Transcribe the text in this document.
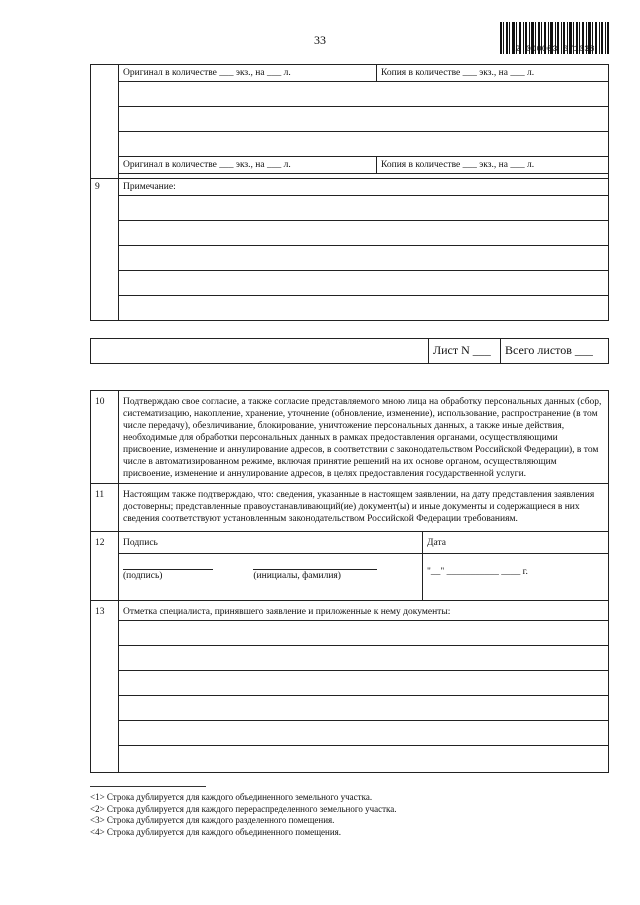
33
2 000003 671038
	Оригинал в количестве ___ экз., на ___ л.	Копия в количестве ___ экз., на ___ л.

	Оригинал в количестве ___ экз., на ___ л.	Копия в количестве ___ экз., на ___ л.

9	Примечание:	

	Лист N ___	Всего листов ___
10	Подтверждаю свое согласие, а также согласие представляемого мною лица на обработку персональных данных (сбор, систематизацию, накопление, хранение, уточнение (обновление, изменение), использование, распространение (в том числе передачу), обезличивание, блокирование, уничтожение персональных данных, а также иные действия, необходимые для обработки персональных данных в рамках предоставления органами, осуществляющими присвоение, изменение и аннулирование адресов, в соответствии с законодательством Российской Федерации), в том числе в автоматизированном режиме, включая принятие решений на их основе органом, осуществляющим присвоение, изменение и аннулирование адресов, в целях предоставления государственной услуги.	
11	Настоящим также подтверждаю, что: сведения, указанные в настоящем заявлении, на дату представления заявления достоверны; представленные правоустанавливающий(ие) документ(ы) и иные документы и содержащиеся в них сведения соответствуют установленным законодательством Российской Федерации требованиям.	
12	Подпись	Дата

(подпись) (инициалы, фамилия)	"__" ___________ ____ г.
13	Отметка специалиста, принявшего заявление и приложенные к нему документы:	

<1> Строка дублируется для каждого объединенного земельного участка.
<2> Строка дублируется для каждого перераспределенного земельного участка.
<3> Строка дублируется для каждого разделенного помещения.
<4> Строка дублируется для каждого объединенного помещения.
